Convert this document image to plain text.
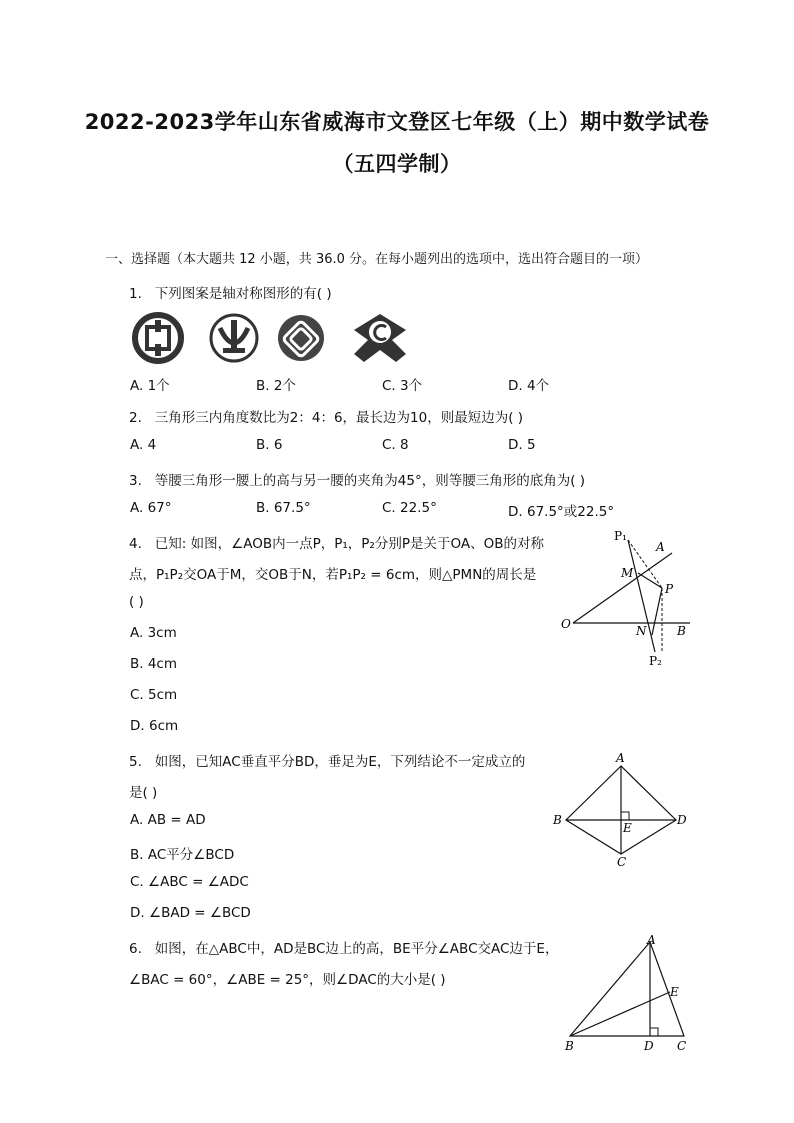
2022-2023学年山东省威海市文登区七年级（上）期中数学试卷
（五四学制）
一、选择题（本大题共 12 小题，共 36.0 分。在每小题列出的选项中，选出符合题目的一项）
1. 下列图案是轴对称图形的有( )
A. 1个	B. 2个	C. 3个	D. 4个
2. 三角形三内角度数比为2：4：6，最长边为10，则最短边为( )
A. 4	B. 6	C. 8	D. 5
3. 等腰三角形一腰上的高与另一腰的夹角为45°，则等腰三角形的底角为( )
A. 67°	B. 67.5°	C. 22.5°	D. 67.5°或22.5°
4. 已知: 如图，∠AOB内一点P，P₁，P₂分别P是关于OA、OB的对称
点，P₁P₂交OA于M，交OB于N，若P₁P₂ = 6cm，则△PMN的周长是
( )
A. 3cm
B. 4cm
C. 5cm
D. 6cm
P₁
A
M
P
O	N	B
P₂
5. 如图，已知AC垂直平分BD，垂足为E，下列结论不一定成立的
是( )
A. AB = AD
B. AC平分∠BCD
C. ∠ABC = ∠ADC
D. ∠BAD = ∠BCD
A
B	D
E
C
6. 如图，在△ABC中，AD是BC边上的高，BE平分∠ABC交AC边于E，
∠BAC = 60°，∠ABE = 25°，则∠DAC的大小是( )
A
E
B	D C
